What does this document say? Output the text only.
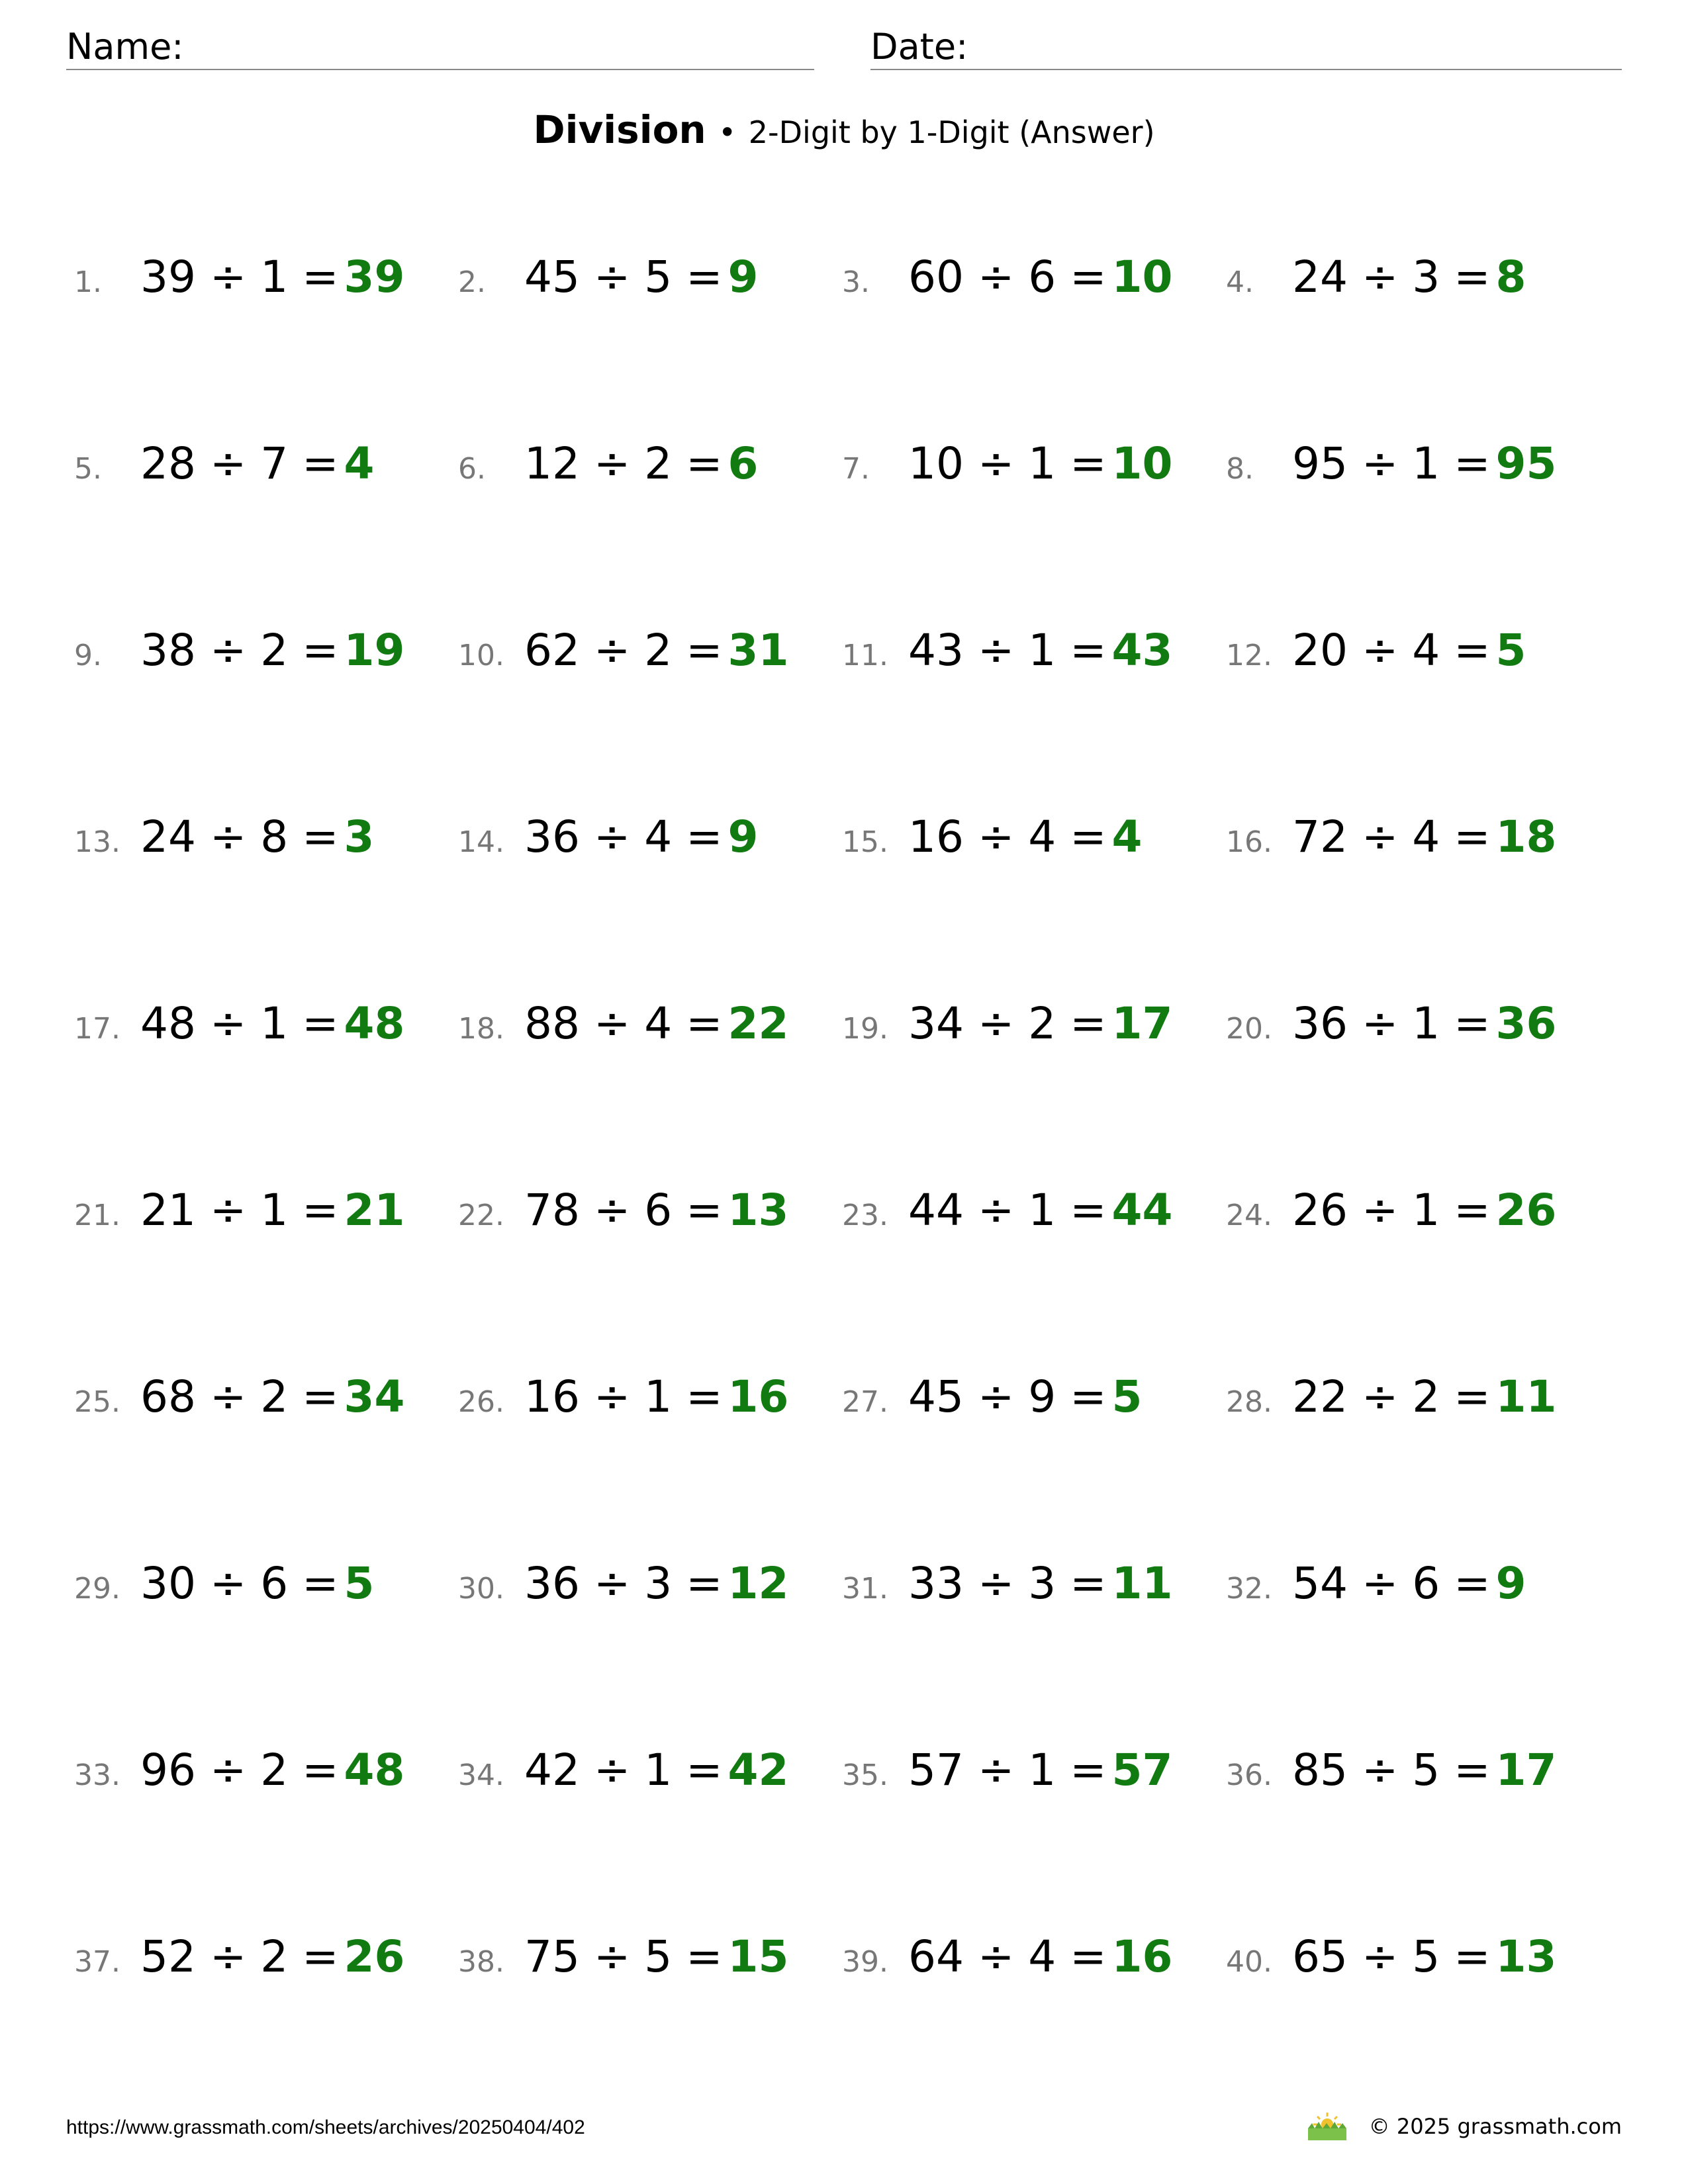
Name:	Date:
Division • 2-Digit by 1-Digit (Answer)
1. 39 ÷ 1 = 39 2. 45 ÷ 5 = 9	3. 60 ÷ 6 = 10 4. 24 ÷ 3 = 8
5. 28 ÷ 7 = 4	6. 12 ÷ 2 = 6	7. 10 ÷ 1 = 10 8. 95 ÷ 1 = 95
9. 38 ÷ 2 = 19 10. 62 ÷ 2 = 31 11. 43 ÷ 1 = 43 12. 20 ÷ 4 = 5
13. 24 ÷ 8 = 3	14. 36 ÷ 4 = 9	15. 16 ÷ 4 = 4	16. 72 ÷ 4 = 18
17. 48 ÷ 1 = 48 18. 88 ÷ 4 = 22 19. 34 ÷ 2 = 17 20. 36 ÷ 1 = 36
21. 21 ÷ 1 = 21 22. 78 ÷ 6 = 13 23. 44 ÷ 1 = 44 24. 26 ÷ 1 = 26
25. 68 ÷ 2 = 34 26. 16 ÷ 1 = 16 27. 45 ÷ 9 = 5	28. 22 ÷ 2 = 11
29. 30 ÷ 6 = 5	30. 36 ÷ 3 = 12 31. 33 ÷ 3 = 11 32. 54 ÷ 6 = 9
33. 96 ÷ 2 = 48 34. 42 ÷ 1 = 42 35. 57 ÷ 1 = 57 36. 85 ÷ 5 = 17
37. 52 ÷ 2 = 26 38. 75 ÷ 5 = 15 39. 64 ÷ 4 = 16 40. 65 ÷ 5 = 13
https://www.grassmath.com/sheets/archives/20250404/402	© 2025 grassmath.com
